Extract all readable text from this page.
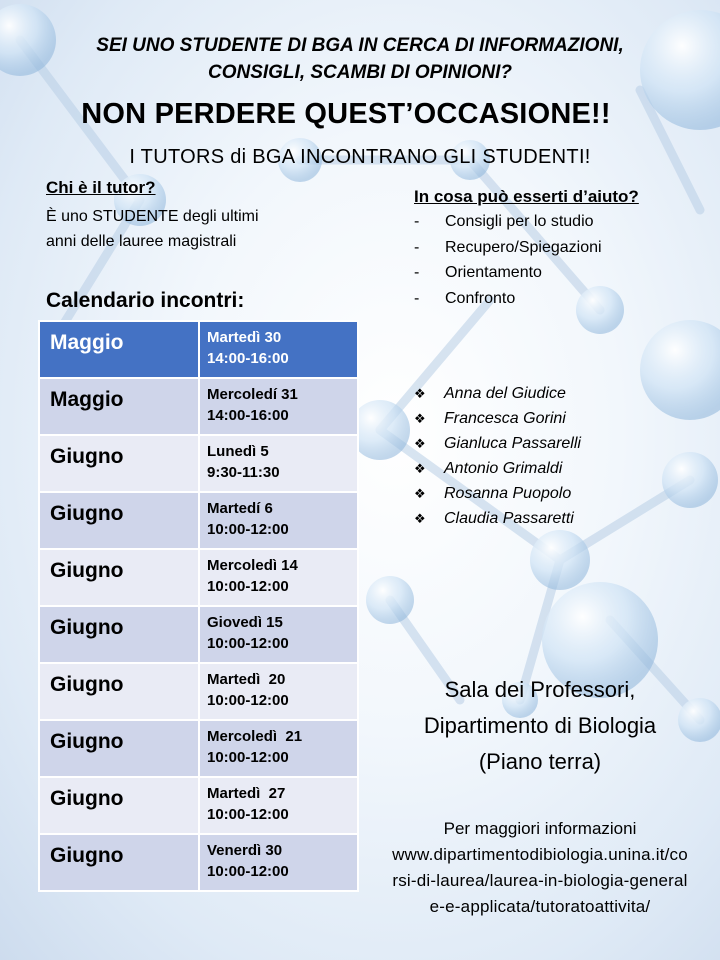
SEI UNO STUDENTE DI BGA IN CERCA DI INFORMAZIONI,
CONSIGLI, SCAMBI DI OPINIONI?
NON PERDERE QUEST’OCCASIONE!!
I TUTORS di BGA INCONTRANO GLI STUDENTI!
Chi è il tutor?
È uno STUDENTE degli ultimi anni delle lauree magistrali
In cosa può esserti d’aiuto?
-	Consigli per lo studio
-	Recupero/Spiegazioni
-	Orientamento
-	Confronto
Calendario incontri:
Maggio	Martedì 30
14:00-16:00

Maggio	Mercoledí 31
14:00-16:00

Giugno	Lunedì 5
9:30-11:30

Giugno	Martedí 6
10:00-12:00

Giugno	Mercoledì 14
10:00-12:00

Giugno	Giovedì 15
10:00-12:00

Giugno	Martedì  20
10:00-12:00

Giugno	Mercoledì  21
10:00-12:00

Giugno	Martedì  27
10:00-12:00

Giugno	Venerdì 30
10:00-12:00
❖	Anna del Giudice
❖	Francesca Gorini
❖	Gianluca Passarelli
❖	Antonio Grimaldi
❖	Rosanna Puopolo
❖	Claudia Passaretti
Sala dei Professori,
Dipartimento di Biologia
(Piano terra)
Per maggiori informazioni
www.dipartimentodibiologia.unina.it/corsi-di-laurea/laurea-in-biologia-generale-e-applicata/tutoratoattivita/
